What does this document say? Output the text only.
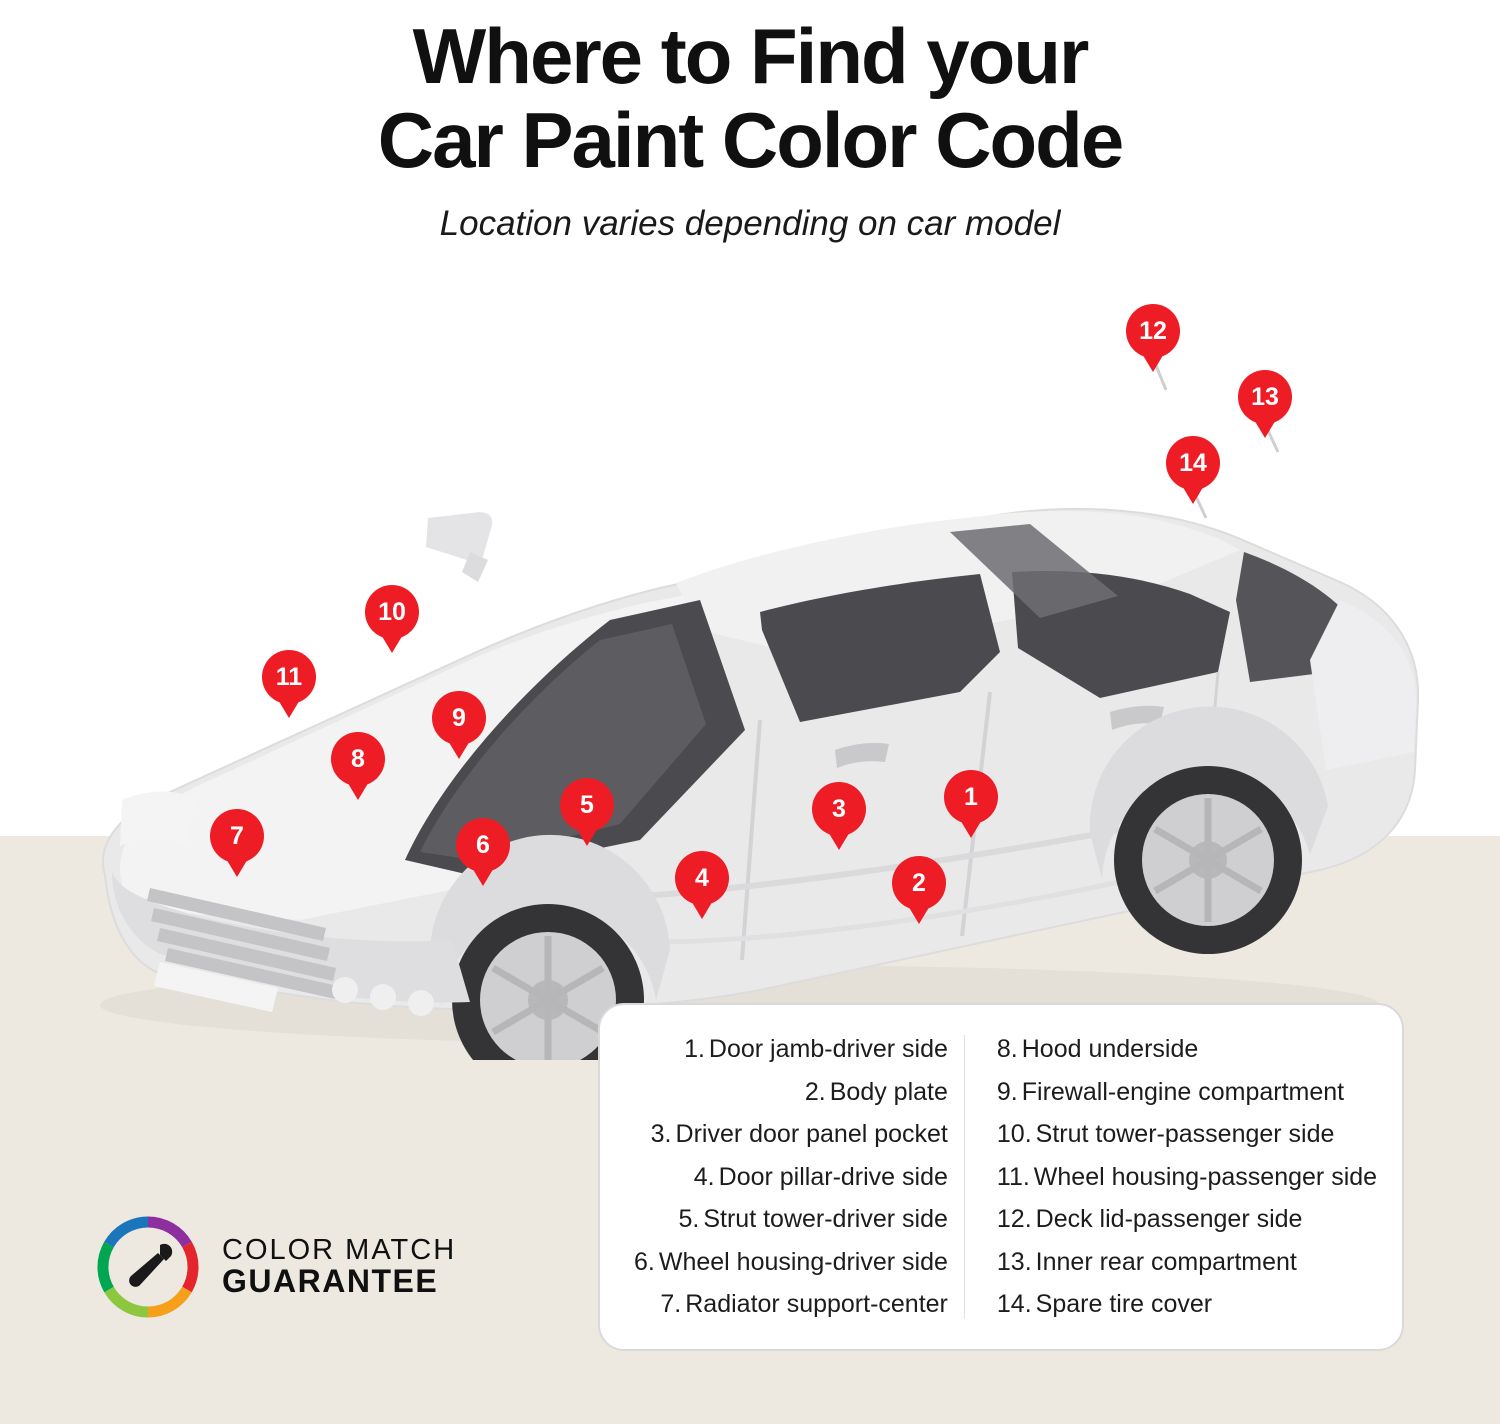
Where to Find your
Car Paint Color Code
Location varies depending on car model
1
2
3
4
5
6
7
8
9
10
11
12
13
14
1. Door jamb-driver side
2. Body plate
3. Driver door panel pocket
4. Door pillar-drive side
5. Strut tower-driver side
6. Wheel housing-driver side
7. Radiator support-center
8. Hood underside
9. Firewall-engine compartment
10. Strut tower-passenger side
11. Wheel housing-passenger side
12. Deck lid-passenger side
13. Inner rear compartment
14. Spare tire cover
COLOR MATCH
GUARANTEE
